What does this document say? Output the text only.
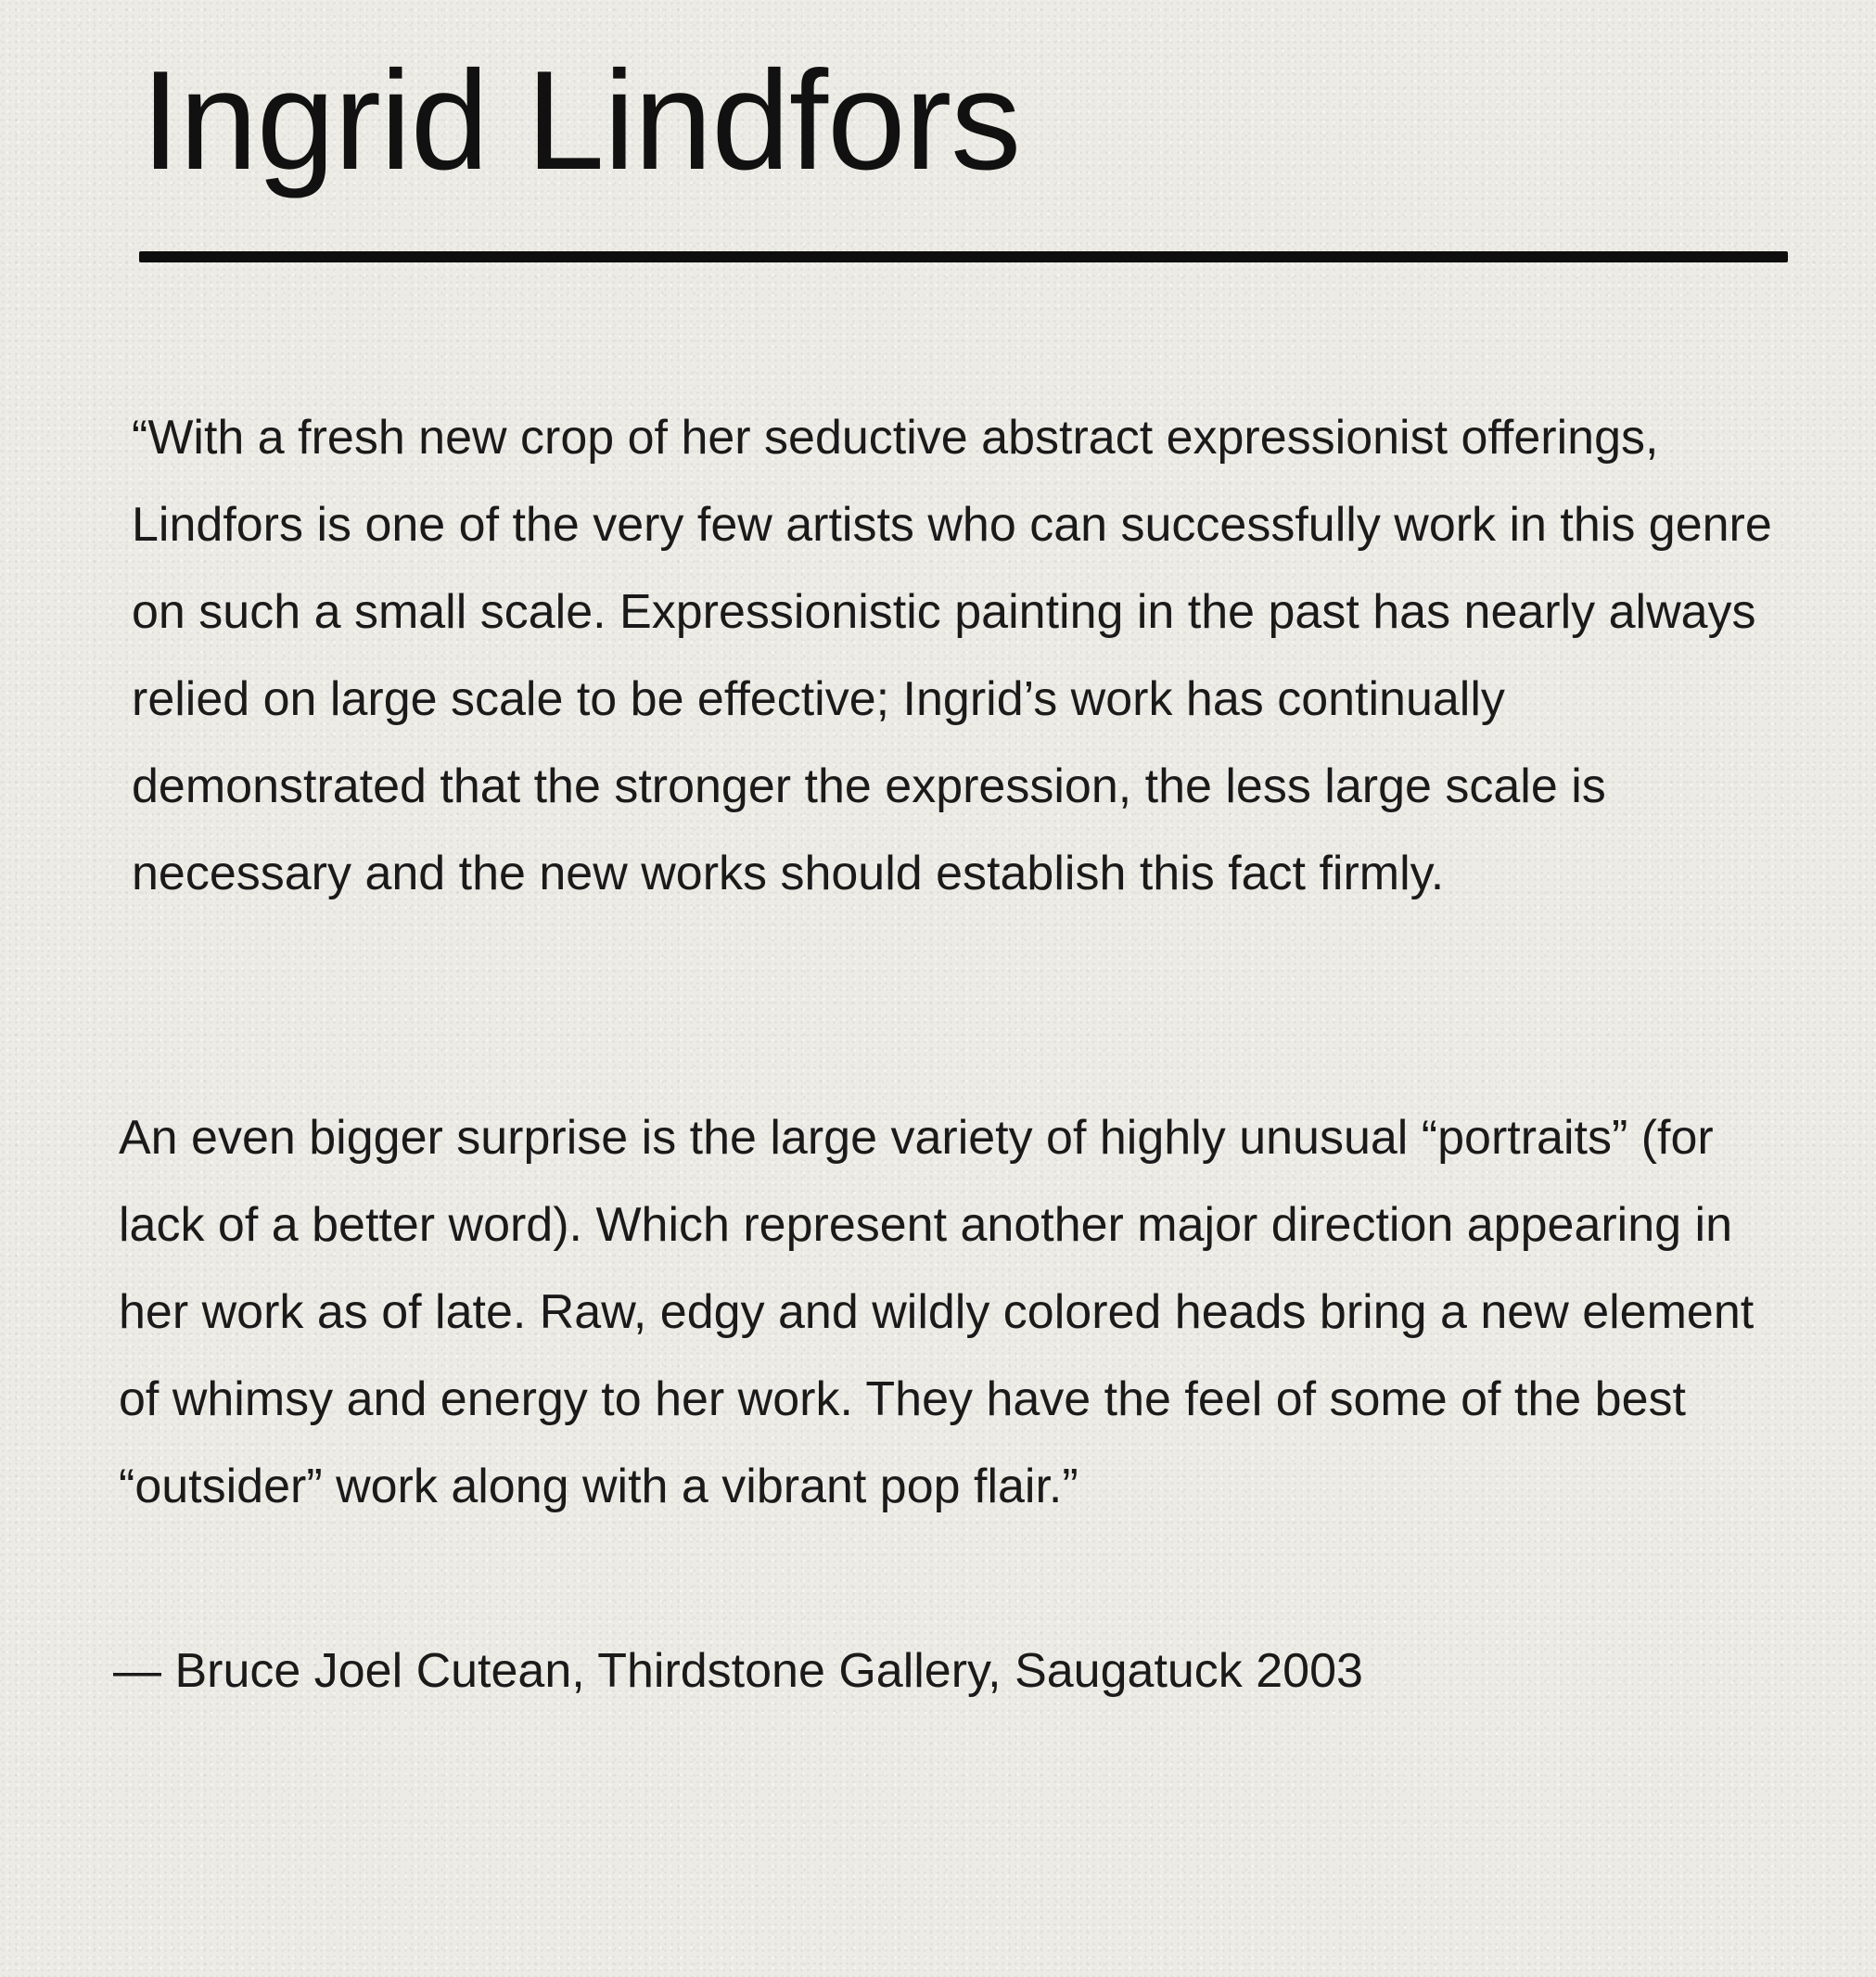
Ingrid Lindfors

“With a fresh new crop of her seductive abstract expressionist offerings, Lindfors is one of the very few artists who can successfully work in this genre on such a small scale. Expressionistic painting in the past has nearly always relied on large scale to be effective; Ingrid’s work has continually demonstrated that the stronger the expression, the less large scale is necessary and the new works should establish this fact firmly.

An even bigger surprise is the large variety of highly unusual “portraits” (for lack of a better word). Which represent another major direction appearing in her work as of late. Raw, edgy and wildly colored heads bring a new element of whimsy and energy to her work. They have the feel of some of the best “outsider” work along with a vibrant pop flair.”

— Bruce Joel Cutean, Thirdstone Gallery, Saugatuck 2003
